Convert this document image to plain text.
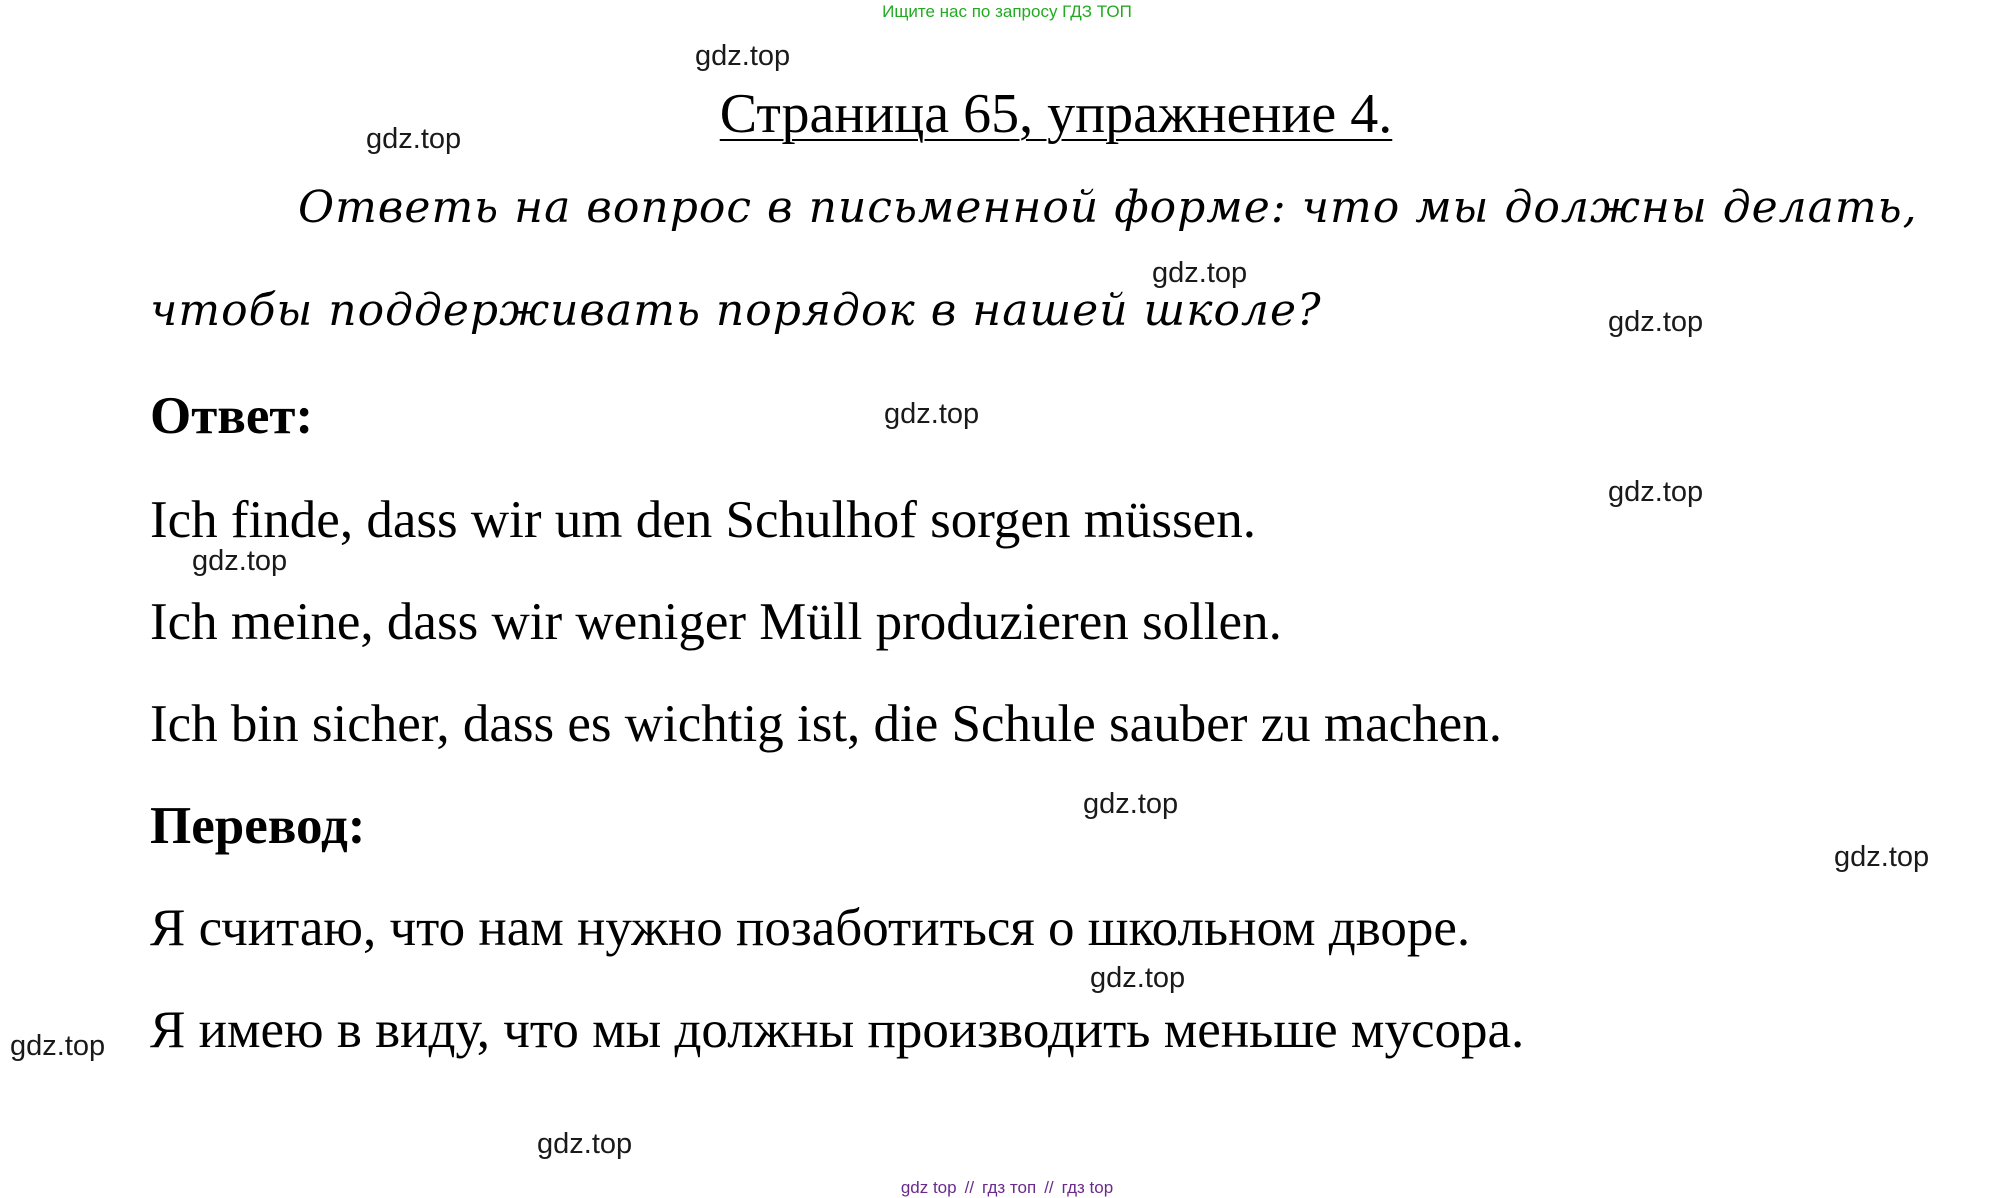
Ищите нас по запросу ГДЗ ТОП
Страница 65, упражнение 4.
Ответь на вопрос в письменной форме: что мы должны делать,
чтобы поддерживать порядок в нашей школе?
Ответ:
Ich finde, dass wir um den Schulhof sorgen müssen.
Ich meine, dass wir weniger Müll produzieren sollen.
Ich bin sicher, dass es wichtig ist, die Schule sauber zu machen.
Перевод:
Я считаю, что нам нужно позаботиться о школьном дворе.
Я имею в виду, что мы должны производить меньше мусора.
gdz.top
gdz.top
gdz.top
gdz.top
gdz.top
gdz.top
gdz.top
gdz.top
gdz.top
gdz.top
gdz.top
gdz.top
gdz top // гдз топ // гдз top
